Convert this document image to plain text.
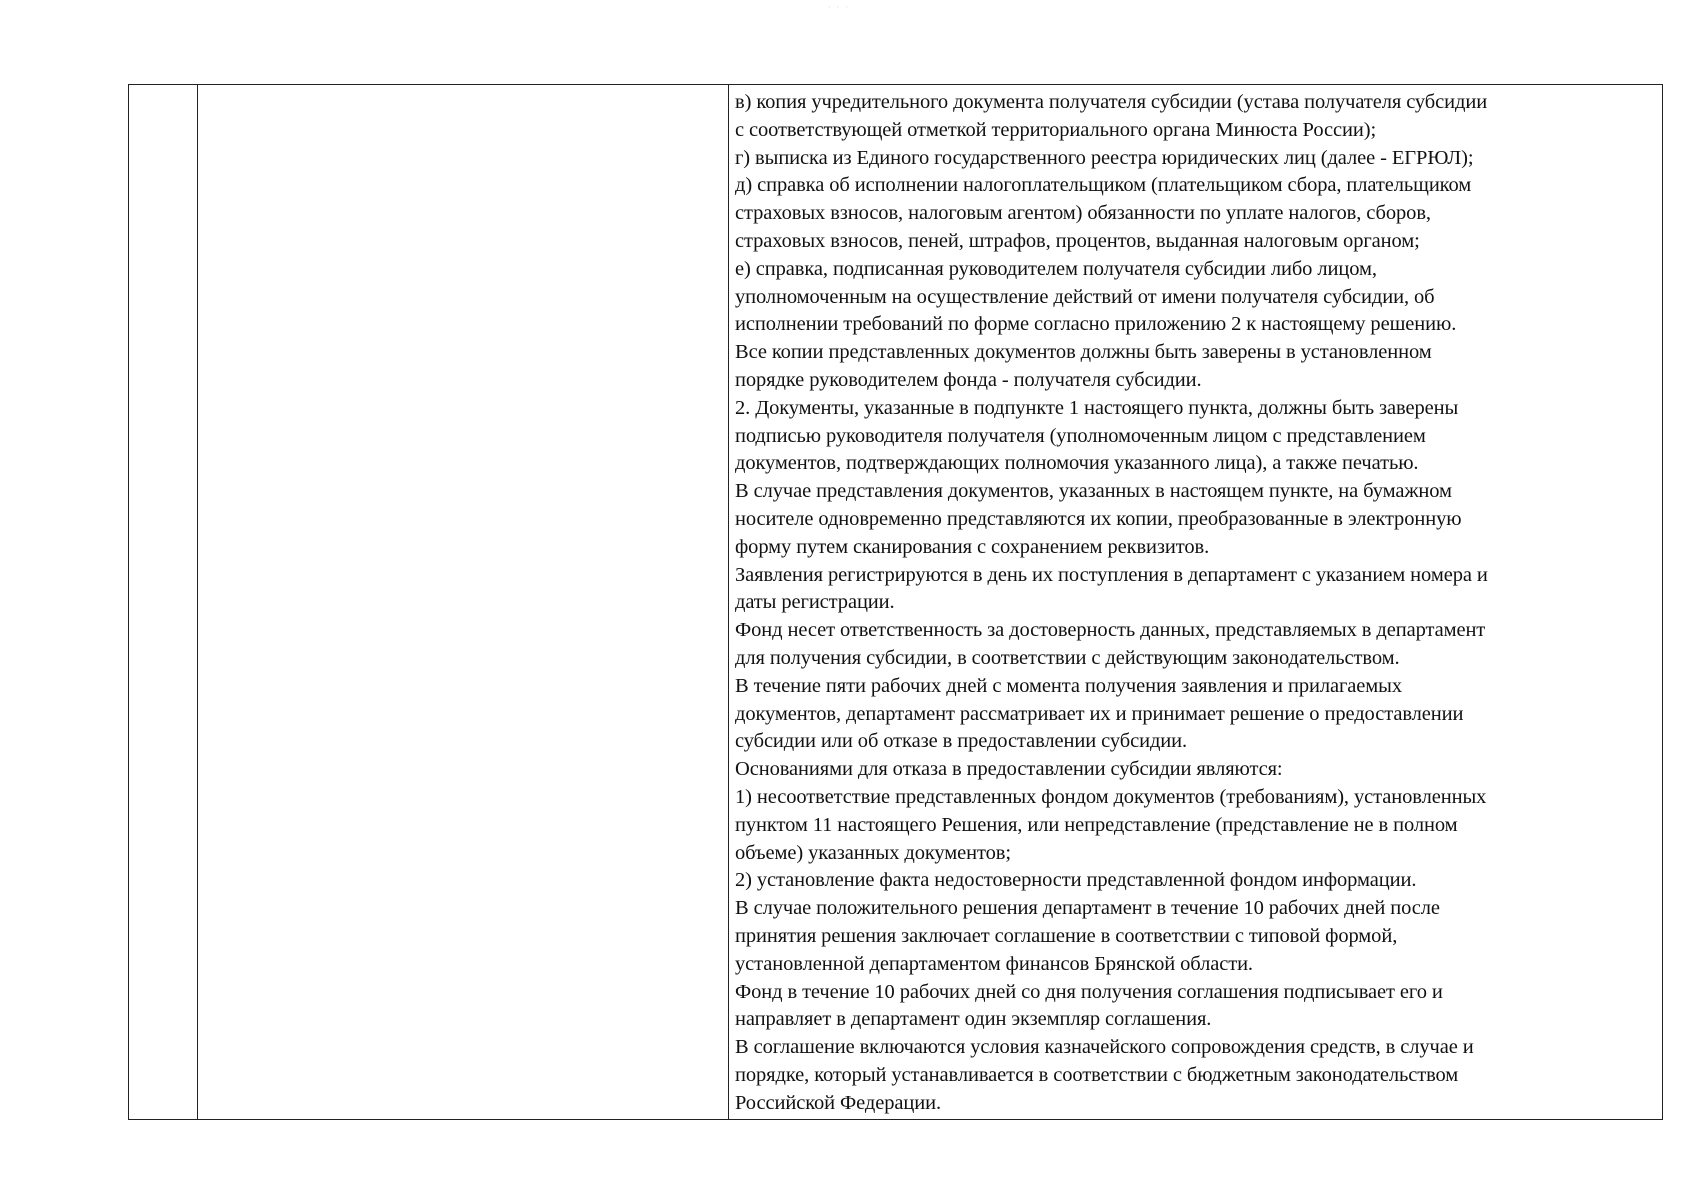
· · ·
в) копия учредительного документа получателя субсидии (устава получателя субсидии
с соответствующей отметкой территориального органа Минюста России);
г) выписка из Единого государственного реестра юридических лиц (далее - ЕГРЮЛ);
д) справка об исполнении налогоплательщиком (плательщиком сбора, плательщиком
страховых взносов, налоговым агентом) обязанности по уплате налогов, сборов,
страховых взносов, пеней, штрафов, процентов, выданная налоговым органом;
е) справка, подписанная руководителем получателя субсидии либо лицом,
уполномоченным на осуществление действий от имени получателя субсидии, об
исполнении требований по форме согласно приложению 2 к настоящему решению.
Все копии представленных документов должны быть заверены в установленном
порядке руководителем фонда - получателя субсидии.
2. Документы, указанные в подпункте 1 настоящего пункта, должны быть заверены
подписью руководителя получателя (уполномоченным лицом с представлением
документов, подтверждающих полномочия указанного лица), а также печатью.
В случае представления документов, указанных в настоящем пункте, на бумажном
носителе одновременно представляются их копии, преобразованные в электронную
форму путем сканирования с сохранением реквизитов.
Заявления регистрируются в день их поступления в департамент с указанием номера и
даты регистрации.
Фонд несет ответственность за достоверность данных, представляемых в департамент
для получения субсидии, в соответствии с действующим законодательством.
В течение пяти рабочих дней с момента получения заявления и прилагаемых
документов, департамент рассматривает их и принимает решение о предоставлении
субсидии или об отказе в предоставлении субсидии.
Основаниями для отказа в предоставлении субсидии являются:
1) несоответствие представленных фондом документов (требованиям), установленных
пунктом 11 настоящего Решения, или непредставление (представление не в полном
объеме) указанных документов;
2) установление факта недостоверности представленной фондом информации.
В случае положительного решения департамент в течение 10 рабочих дней после
принятия решения заключает соглашение в соответствии с типовой формой,
установленной департаментом финансов Брянской области.
Фонд в течение 10 рабочих дней со дня получения соглашения подписывает его и
направляет в департамент один экземпляр соглашения.
В соглашение включаются условия казначейского сопровождения средств, в случае и
порядке, который устанавливается в соответствии с бюджетным законодательством
Российской Федерации.
